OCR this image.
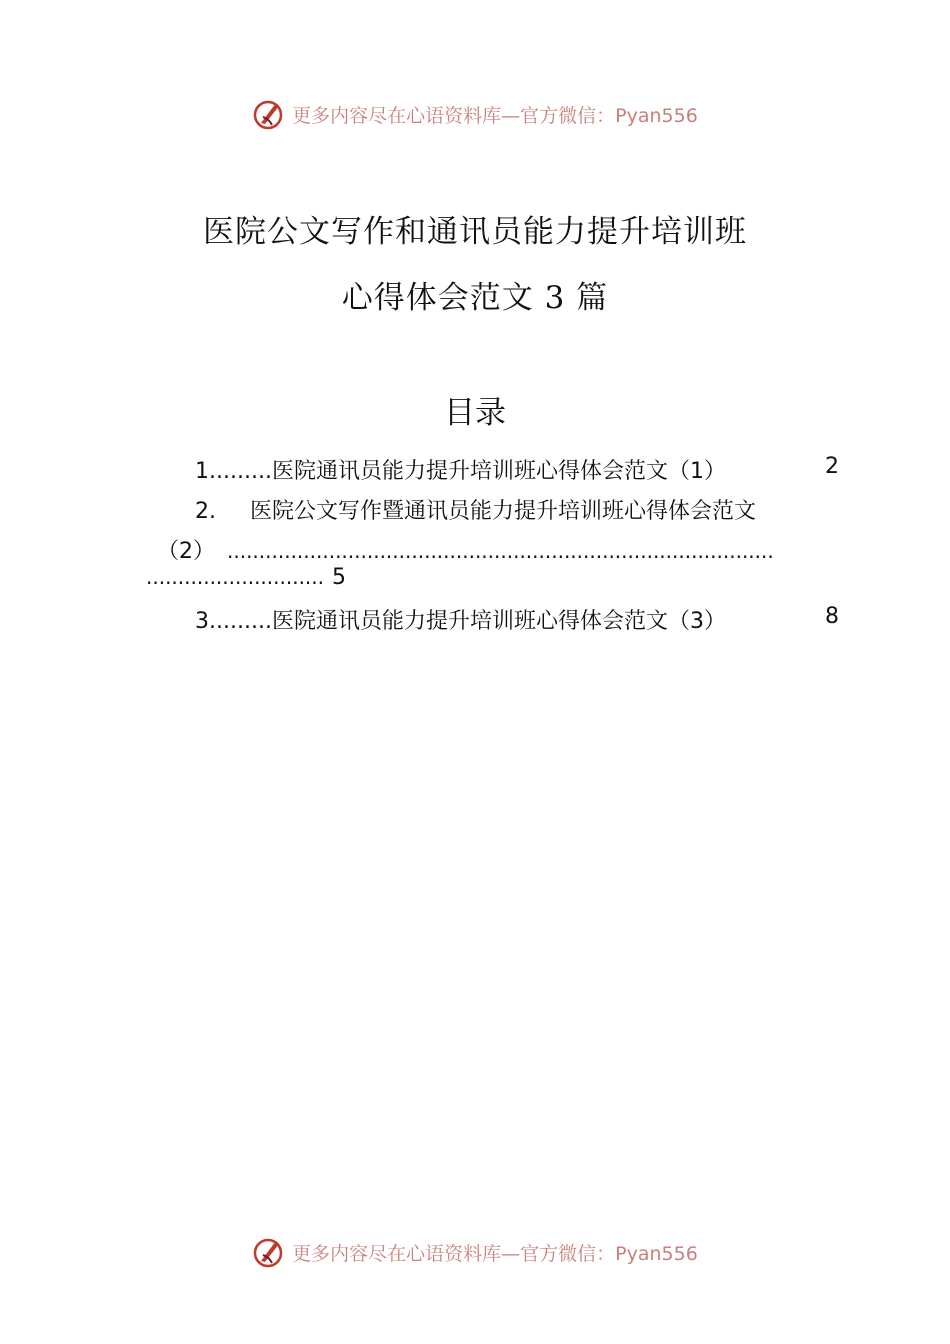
更多内容尽在心语资料库—官方微信：Pyan556
医院公文写作和通讯员能力提升培训班
心得体会范文 3 篇
目录
1.........医院通讯员能力提升培训班心得体会范文（1）	2
2. 医院公文写作暨通讯员能力提升培训班心得体会范文
（2） ......................................................................................
............................ 5
3.........医院通讯员能力提升培训班心得体会范文（3）	8
更多内容尽在心语资料库—官方微信：Pyan556
